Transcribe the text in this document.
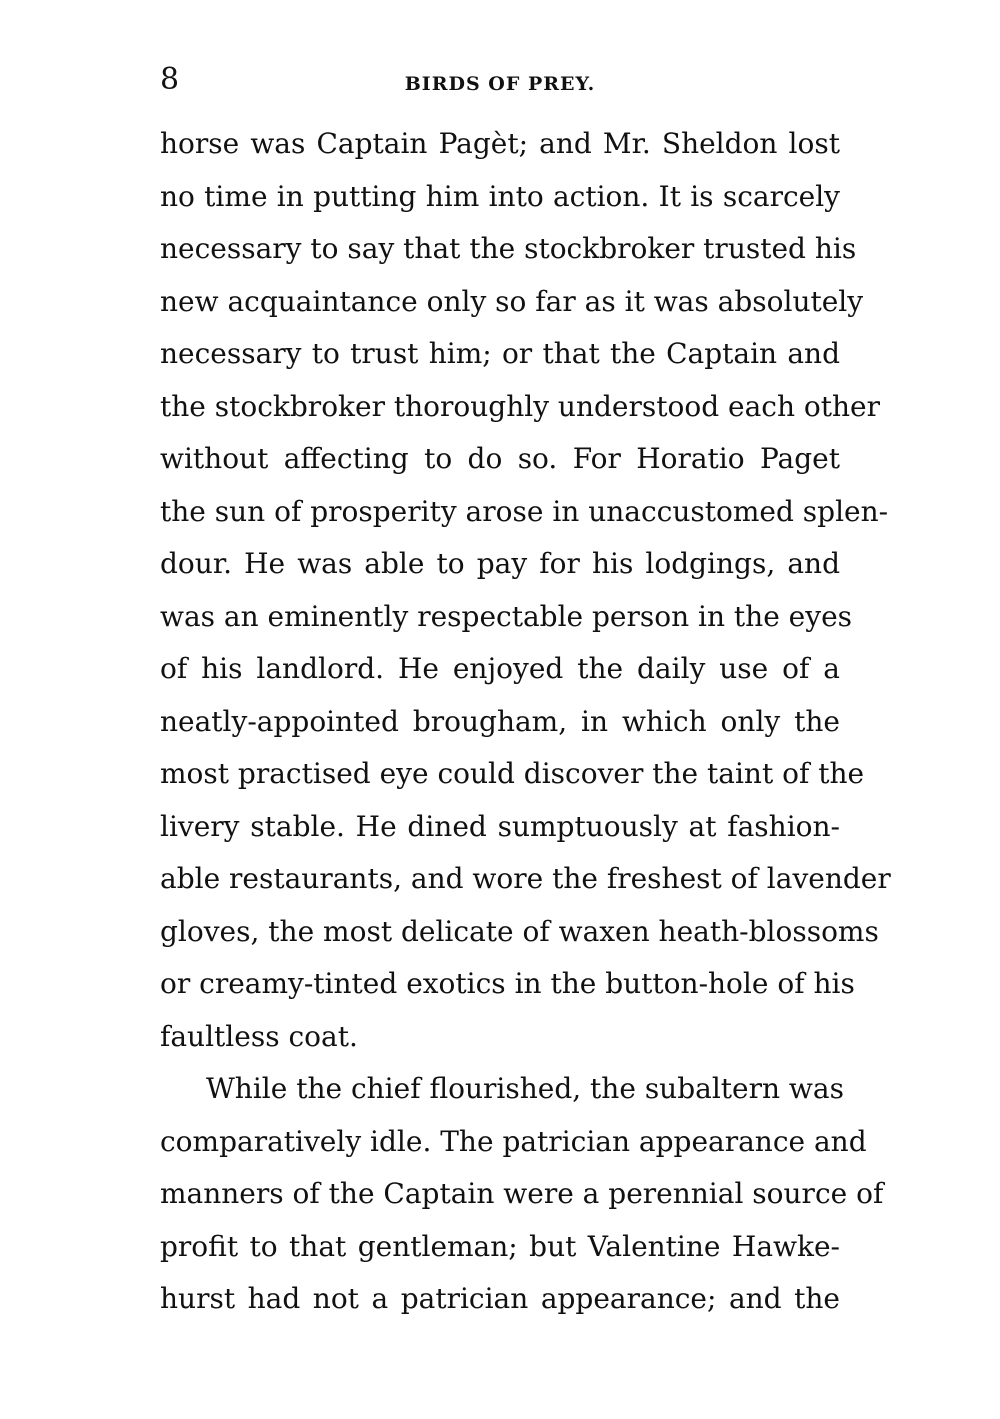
8	BIRDS OF PREY.
horse was Captain Pagèt; and Mr. Sheldon lost
no time in putting him into action. It is scarcely
necessary to say that the stockbroker trusted his
new acquaintance only so far as it was absolutely
necessary to trust him; or that the Captain and
the stockbroker thoroughly understood each other
without affecting to do so. For Horatio Paget
the sun of prosperity arose in unaccustomed splen-
dour. He was able to pay for his lodgings, and
was an eminently respectable person in the eyes
of his landlord. He enjoyed the daily use of a
neatly-appointed brougham, in which only the
most practised eye could discover the taint of the
livery stable. He dined sumptuously at fashion-
able restaurants, and wore the freshest of lavender
gloves, the most delicate of waxen heath-blossoms
or creamy-tinted exotics in the button-hole of his
faultless coat.
While the chief flourished, the subaltern was
comparatively idle. The patrician appearance and
manners of the Captain were a perennial source of
profit to that gentleman; but Valentine Hawke-
hurst had not a patrician appearance; and the
